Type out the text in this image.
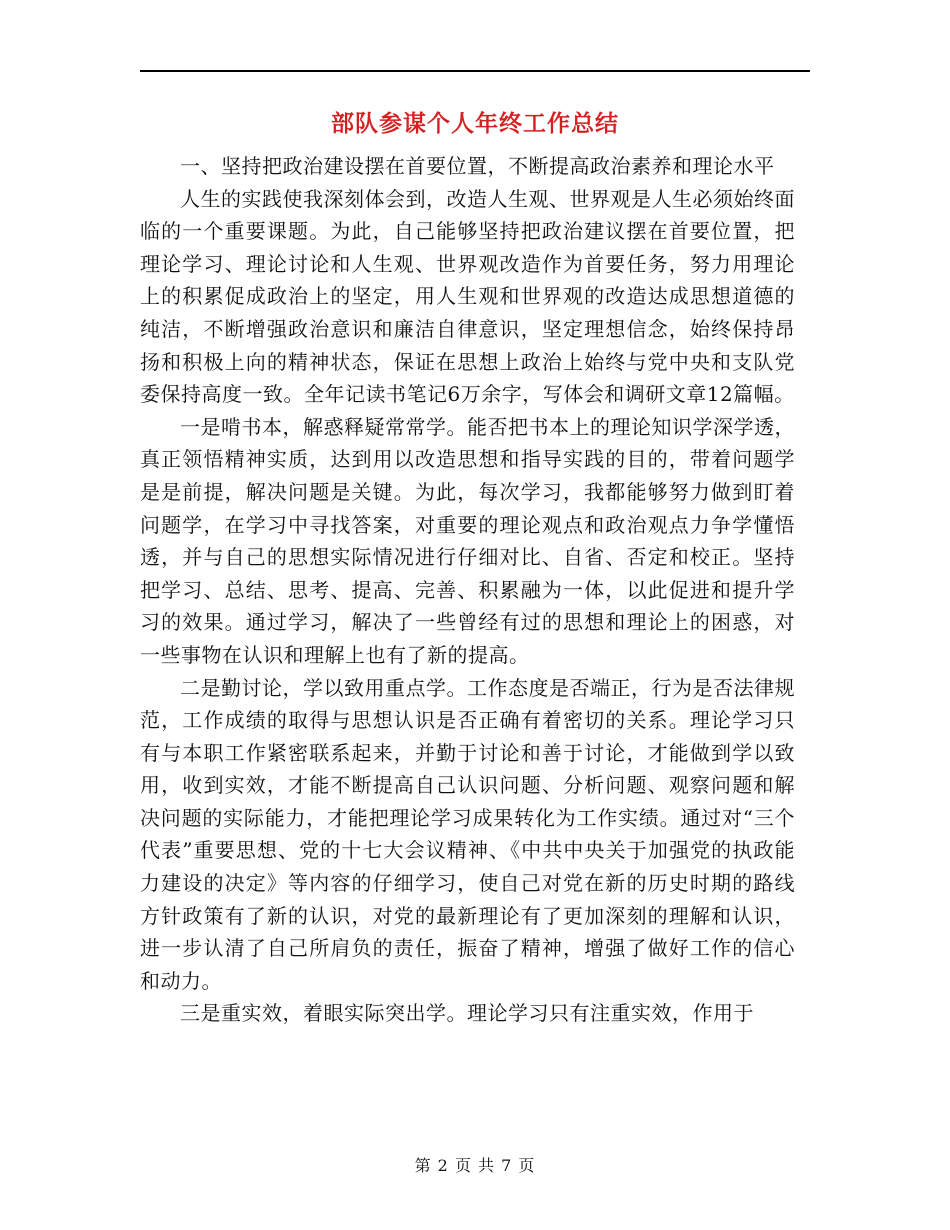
部队参谋个人年终工作总结

一、坚持把政治建设摆在首要位置，不断提高政治素养和理论水平

人生的实践使我深刻体会到，改造人生观、世界观是人生必须始终面临的一个重要课题。为此，自己能够坚持把政治建议摆在首要位置，把理论学习、理论讨论和人生观、世界观改造作为首要任务，努力用理论上的积累促成政治上的坚定，用人生观和世界观的改造达成思想道德的纯洁，不断增强政治意识和廉洁自律意识，坚定理想信念，始终保持昂扬和积极上向的精神状态，保证在思想上政治上始终与党中央和支队党委保持高度一致。全年记读书笔记6万余字，写体会和调研文章12篇幅。

一是啃书本，解惑释疑常常学。能否把书本上的理论知识学深学透，真正领悟精神实质，达到用以改造思想和指导实践的目的，带着问题学是是前提，解决问题是关键。为此，每次学习，我都能够努力做到盯着问题学，在学习中寻找答案，对重要的理论观点和政治观点力争学懂悟透，并与自己的思想实际情况进行仔细对比、自省、否定和校正。坚持把学习、总结、思考、提高、完善、积累融为一体，以此促进和提升学习的效果。通过学习，解决了一些曾经有过的思想和理论上的困惑，对一些事物在认识和理解上也有了新的提高。

二是勤讨论，学以致用重点学。工作态度是否端正，行为是否法律规范，工作成绩的取得与思想认识是否正确有着密切的关系。理论学习只有与本职工作紧密联系起来，并勤于讨论和善于讨论，才能做到学以致用，收到实效，才能不断提高自己认识问题、分析问题、观察问题和解决问题的实际能力，才能把理论学习成果转化为工作实绩。通过对“三个代表”重要思想、党的十七大会议精神、《中共中央关于加强党的执政能力建设的决定》等内容的仔细学习，使自己对党在新的历史时期的路线方针政策有了新的认识，对党的最新理论有了更加深刻的理解和认识，进一步认清了自己所肩负的责任，振奋了精神，增强了做好工作的信心和动力。

三是重实效，着眼实际突出学。理论学习只有注重实效，作用于

第 2 页 共 7 页
